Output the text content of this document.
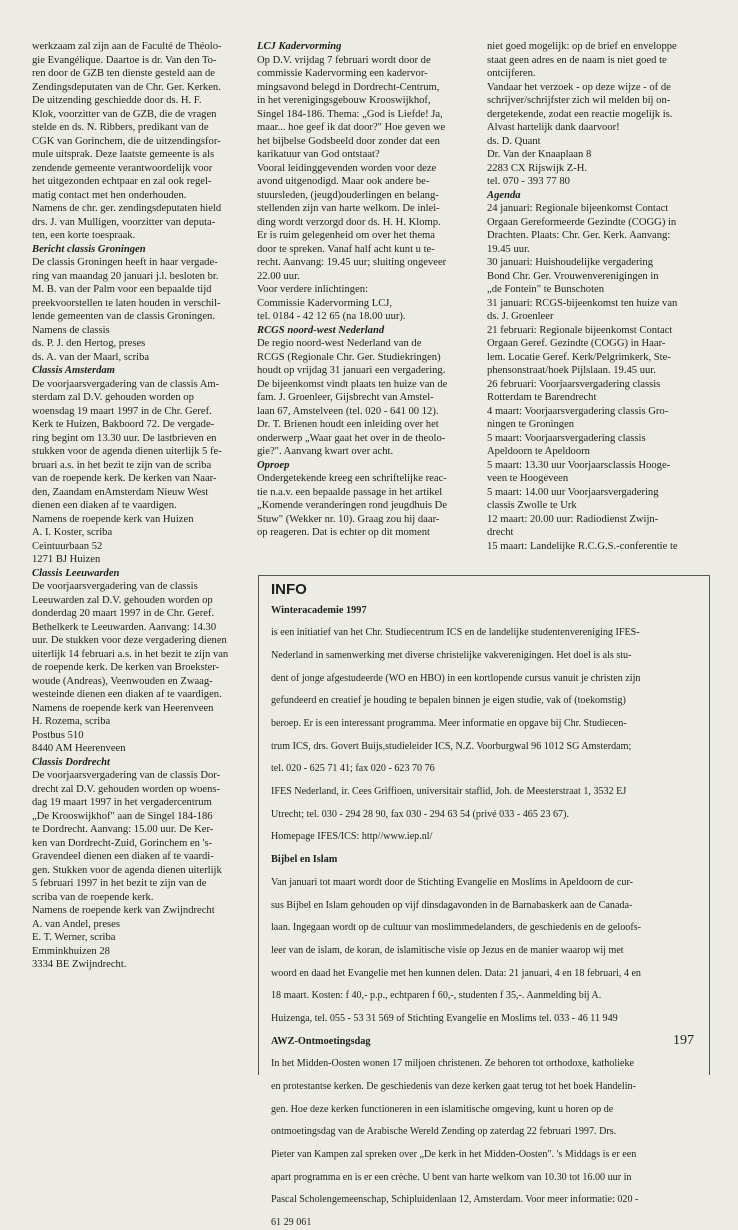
werkzaam zal zijn aan de Faculté de Théolo-

gie Evangélique. Daartoe is dr. Van den To-

ren door de GZB ten dienste gesteld aan de

Zendingsdeputaten van de Chr. Ger. Kerken.

De uitzending geschiedde door ds. H. F.

Klok, voorzitter van de GZB, die de vragen

stelde en ds. N. Ribbers, predikant van de

CGK van Gorinchem, die de uitzendingsfor-

mule uitsprak. Deze laatste gemeente is als

zendende gemeente verantwoordelijk voor

het uitgezonden echtpaar en zal ook regel-

matig contact met hen onderhouden.

Namens de chr. ger. zendingsdeputaten hield

drs. J. van Mulligen, voorzitter van deputa-

ten, een korte toespraak.

Bericht classis Groningen

De classis Groningen heeft in haar vergade-

ring van maandag 20 januari j.l. besloten br.

M. B. van der Palm voor een bepaalde tijd

preekvoorstellen te laten houden in verschil-

lende gemeenten van de classis Groningen.

Namens de classis

ds. P. J. den Hertog, preses

ds. A. van der Maarl, scriba

Classis Amsterdam

De voorjaarsvergadering van de classis Am-

sterdam zal D.V. gehouden worden op

woensdag 19 maart 1997 in de Chr. Geref.

Kerk te Huizen, Bakboord 72. De vergade-

ring begint om 13.30 uur. De lastbrieven en

stukken voor de agenda dienen uiterlijk 5 fe-

bruari a.s. in het bezit te zijn van de scriba

van de roepende kerk. De kerken van Naar-

den, Zaandam enAmsterdam Nieuw West

dienen een diaken af te vaardigen.

Namens de roepende kerk van Huizen

A. I. Koster, scriba

Ceintuurbaan 52

1271 BJ Huizen

Classis Leeuwarden

De voorjaarsvergadering van de classis

Leeuwarden zal D.V. gehouden worden op

donderdag 20 maart 1997 in de Chr. Geref.

Bethelkerk te Leeuwarden. Aanvang: 14.30

uur. De stukken voor deze vergadering dienen

uiterlijk 14 februari a.s. in het bezit te zijn van

de roepende kerk. De kerken van Broekster-

woude (Andreas), Veenwouden en Zwaag-

westeinde dienen een diaken af te vaardigen.

Namens de roepende kerk van Heerenveen

H. Rozema, scriba

Postbus 510

8440 AM Heerenveen

Classis Dordrecht

De voorjaarsvergadering van de classis Dor-

drecht zal D.V. gehouden worden op woens-

dag 19 maart 1997 in het vergadercentrum

„De Krooswijkhof" aan de Singel 184-186

te Dordrecht. Aanvang: 15.00 uur. De Ker-

ken van Dordrecht-Zuid, Gorinchem en 's-

Gravendeel dienen een diaken af te vaardi-

gen. Stukken voor de agenda dienen uiterlijk

5 februari 1997 in het bezit te zijn van de

scriba van de roepende kerk.

Namens de roepende kerk van Zwijndrecht

A. van Andel, preses

E. T. Werner, scriba

Emminkhuizen 28

3334 BE Zwijndrecht.

LCJ Kadervorming

Op D.V. vrijdag 7 februari wordt door de

commissie Kadervorming een kadervor-

mingsavond belegd in Dordrecht-Centrum,

in het verenigingsgebouw Krooswijkhof,

Singel 184-186. Thema: „God is Liefde! Ja,

maar... hoe geef ik dat door?" Hoe geven we

het bijbelse Godsbeeld door zonder dat een

karikatuur van God ontstaat?

Vooral leidinggevenden worden voor deze

avond uitgenodigd. Maar ook andere be-

stuursleden, (jeugd)ouderlingen en belang-

stellenden zijn van harte welkom. De inlei-

ding wordt verzorgd door ds. H. H. Klomp.

Er is ruim gelegenheid om over het thema

door te spreken. Vanaf half acht kunt u te-

recht. Aanvang: 19.45 uur; sluiting ongeveer

22.00 uur.

Voor verdere inlichtingen:

Commissie Kadervorming LCJ,

tel. 0184 - 42 12 65 (na 18.00 uur).

RCGS noord-west Nederland

De regio noord-west Nederland van de

RCGS (Regionale Chr. Ger. Studiekringen)

houdt op vrijdag 31 januari een vergadering.

De bijeenkomst vindt plaats ten huize van de

fam. J. Groenleer, Gijsbrecht van Amstel-

laan 67, Amstelveen (tel. 020 - 641 00 12).

Dr. T. Brienen houdt een inleiding over het

onderwerp „Waar gaat het over in de theolo-

gie?". Aanvang kwart over acht.

Oproep

Ondergetekende kreeg een schriftelijke reac-

tie n.a.v. een bepaalde passage in het artikel

„Komende veranderingen rond jeugdhuis De

Stuw" (Wekker nr. 10). Graag zou hij daar-

op reageren. Dat is echter op dit moment

niet goed mogelijk: op de brief en enveloppe

staat geen adres en de naam is niet goed te

ontcijferen.

Vandaar het verzoek - op deze wijze - of de

schrijver/schrijfster zich wil melden bij on-

dergetekende, zodat een reactie mogelijk is.

Alvast hartelijk dank daarvoor!

ds. D. Quant

Dr. Van der Knaaplaan 8

2283 CX Rijswijk Z-H.

tel. 070 - 393 77 80

Agenda

24 januari: Regionale bijeenkomst Contact

Orgaan Gereformeerde Gezindte (COGG) in

Drachten. Plaats: Chr. Ger. Kerk. Aanvang:

19.45 uur.

30 januari: Huishoudelijke vergadering

Bond Chr. Ger. Vrouwenverenigingen in

„de Fontein" te Bunschoten

31 januari: RCGS-bijeenkomst ten huize van

ds. J. Groenleer

21 februari: Regionale bijeenkomst Contact

Orgaan Geref. Gezindte (COGG) in Haar-

lem. Locatie Geref. Kerk/Pelgrimkerk, Ste-

phensonstraat/hoek Pijlslaan. 19.45 uur.

26 februari: Voorjaarsvergadering classis

Rotterdam te Barendrecht

4 maart: Voorjaarsvergadering classis Gro-

ningen te Groningen

5 maart: Voorjaarsvergadering classis

Apeldoorn te Apeldoorn

5 maart: 13.30 uur Voorjaarsclassis Hooge-

veen te Hoogeveen

5 maart: 14.00 uur Voorjaarsvergadering

classis Zwolle te Urk

12 maart: 20.00 uur: Radiodienst Zwijn-

drecht

15 maart: Landelijke R.C.G.S.-conferentie te

INFO
Winteracademie 1997

is een initiatief van het Chr. Studiecentrum ICS en de landelijke studentenvereniging IFES-

Nederland in samenwerking met diverse christelijke vakverenigingen. Het doel is als stu-

dent of jonge afgestudeerde (WO en HBO) in een kortlopende cursus vanuit je christen zijn

gefundeerd en creatief je houding te bepalen binnen je eigen studie, vak of (toekomstig)

beroep. Er is een interessant programma. Meer informatie en opgave bij Chr. Studiecen-

trum ICS, drs. Govert Buijs,studieleider ICS, N.Z. Voorburgwal 96 1012 SG Amsterdam;

tel. 020 - 625 71 41; fax 020 - 623 70 76

IFES Nederland, ir. Cees Griffioen, universitair staflid, Joh. de Meesterstraat 1, 3532 EJ

Utrecht; tel. 030 - 294 28 90, fax 030 - 294 63 54 (privé 033 - 465 23 67).

Homepage IFES/ICS: http//www.iep.nl/

Bijbel en Islam

Van januari tot maart wordt door de Stichting Evangelie en Moslims in Apeldoorn de cur-

sus Bijbel en Islam gehouden op vijf dinsdagavonden in de Barnabaskerk aan de Canada-

laan. Ingegaan wordt op de cultuur van moslimmedelanders, de geschiedenis en de geloofs-

leer van de islam, de koran, de islamitische visie op Jezus en de manier waarop wij met

woord en daad het Evangelie met hen kunnen delen. Data: 21 januari, 4 en 18 februari, 4 en

18 maart. Kosten: f 40,- p.p., echtparen f 60,-, studenten f 35,-. Aanmelding bij A.

Huizenga, tel. 055 - 53 31 569 of Stichting Evangelie en Moslims tel. 033 - 46 11 949

AWZ-Ontmoetingsdag

In het Midden-Oosten wonen 17 miljoen christenen. Ze behoren tot orthodoxe, katholieke

en protestantse kerken. De geschiedenis van deze kerken gaat terug tot het boek Handelin-

gen. Hoe deze kerken functioneren in een islamitische omgeving, kunt u horen op de

ontmoetingsdag van de Arabische Wereld Zending op zaterdag 22 februari 1997. Drs.

Pieter van Kampen zal spreken over „De kerk in het Midden-Oosten". 's Middags is er een

apart programma en is er een crèche. U bent van harte welkom van 10.30 tot 16.00 uur in

Pascal Scholengemeenschap, Schipluidenlaan 12, Amsterdam. Voor meer informatie: 020 -

61 29 061

197
